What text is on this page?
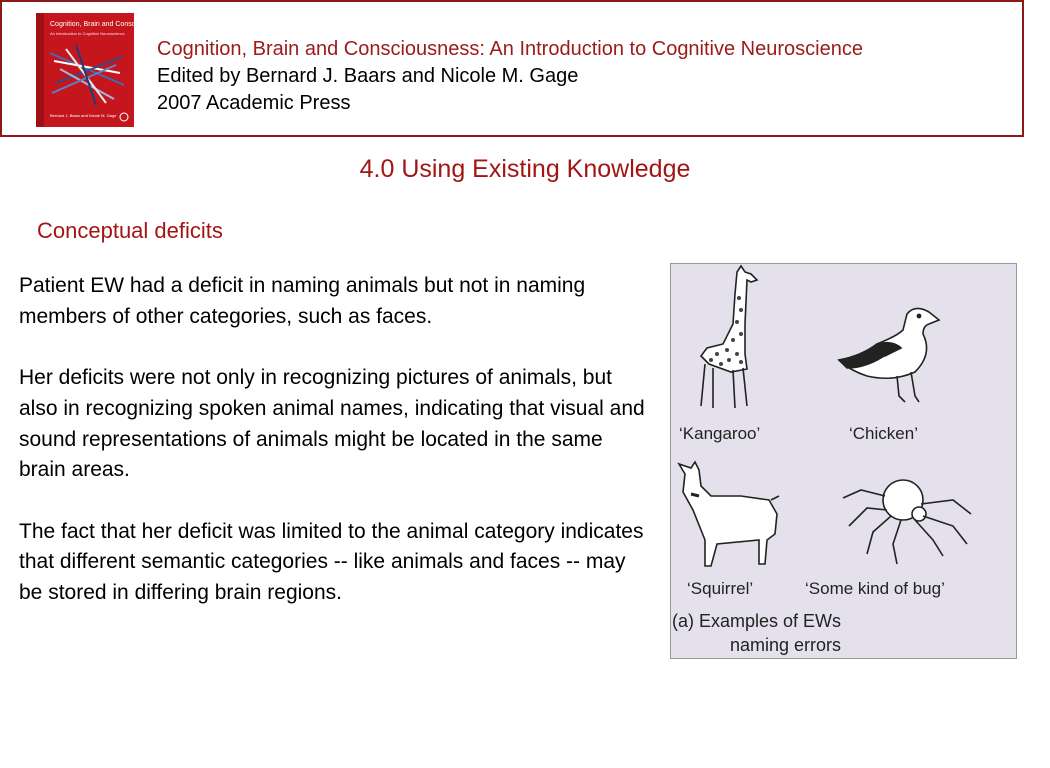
Cognition, Brain and Consciousness
An Introduction to Cognitive Neuroscience
Bernard J. Baars and Nicole M. Gage
Cognition, Brain and Consciousness: An Introduction to Cognitive Neuroscience
Edited by Bernard J. Baars and Nicole M. Gage
2007 Academic Press
4.0 Using Existing Knowledge
Conceptual deficits

Patient EW had a deficit in naming animals but not in naming members of other categories, such as faces.

Her deficits were not only in recognizing pictures of animals, but also in recognizing spoken animal names, indicating that visual and sound representations of animals might be located in the same brain areas.

The fact that her deficit was limited to the animal category indicates that different semantic categories -- like animals and faces -- may be stored in differing brain regions.

‘Kangaroo’	‘Chicken’
‘Squirrel’	‘Some kind of bug’
(a) Examples of EWs
naming errors
